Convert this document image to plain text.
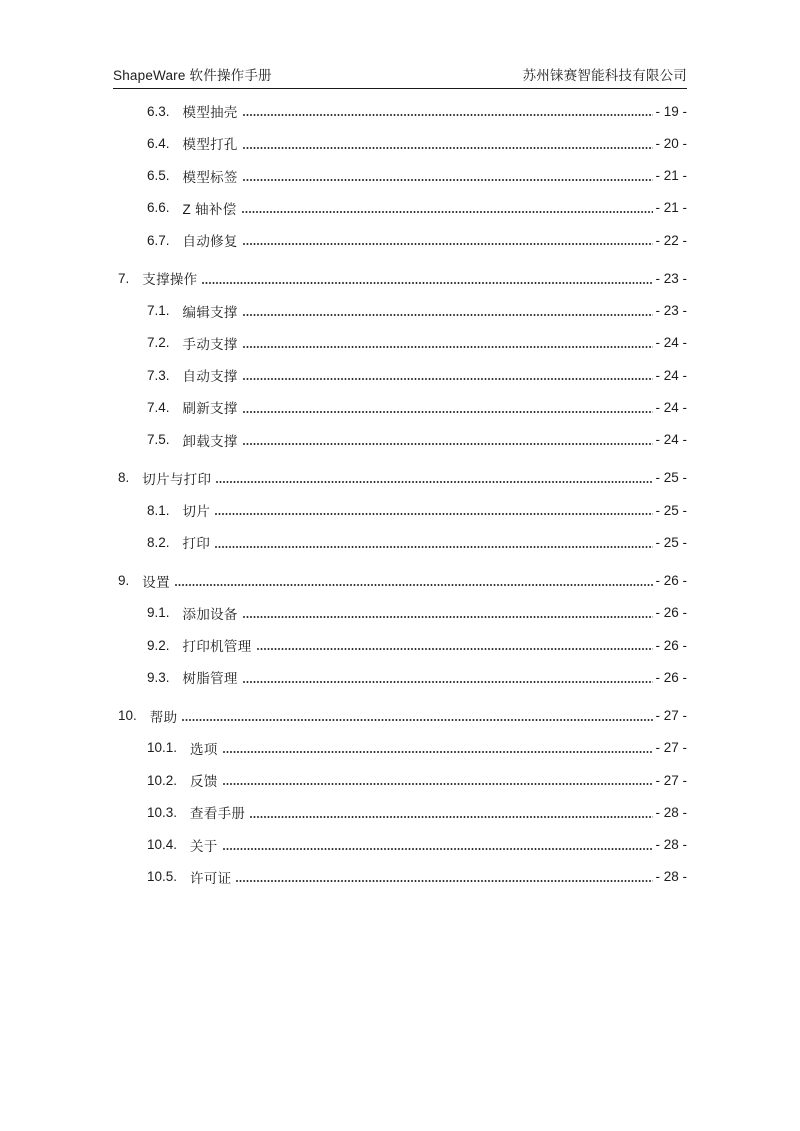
ShapeWare 软件操作手册	苏州铼赛智能科技有限公司
6.3. 模型抽壳	- 19 -
6.4. 模型打孔	- 20 -
6.5. 模型标签	- 21 -
6.6. Z 轴补偿	- 21 -
6.7. 自动修复	- 22 -
7. 支撑操作	- 23 -
7.1. 编辑支撑	- 23 -
7.2. 手动支撑	- 24 -
7.3. 自动支撑	- 24 -
7.4. 刷新支撑	- 24 -
7.5. 卸载支撑	- 24 -
8. 切片与打印	- 25 -
8.1. 切片	- 25 -
8.2. 打印	- 25 -
9. 设置	- 26 -
9.1. 添加设备	- 26 -
9.2. 打印机管理	- 26 -
9.3. 树脂管理	- 26 -
10. 帮助	- 27 -
10.1. 选项	- 27 -
10.2. 反馈	- 27 -
10.3. 查看手册	- 28 -
10.4. 关于	- 28 -
10.5. 许可证	- 28 -
